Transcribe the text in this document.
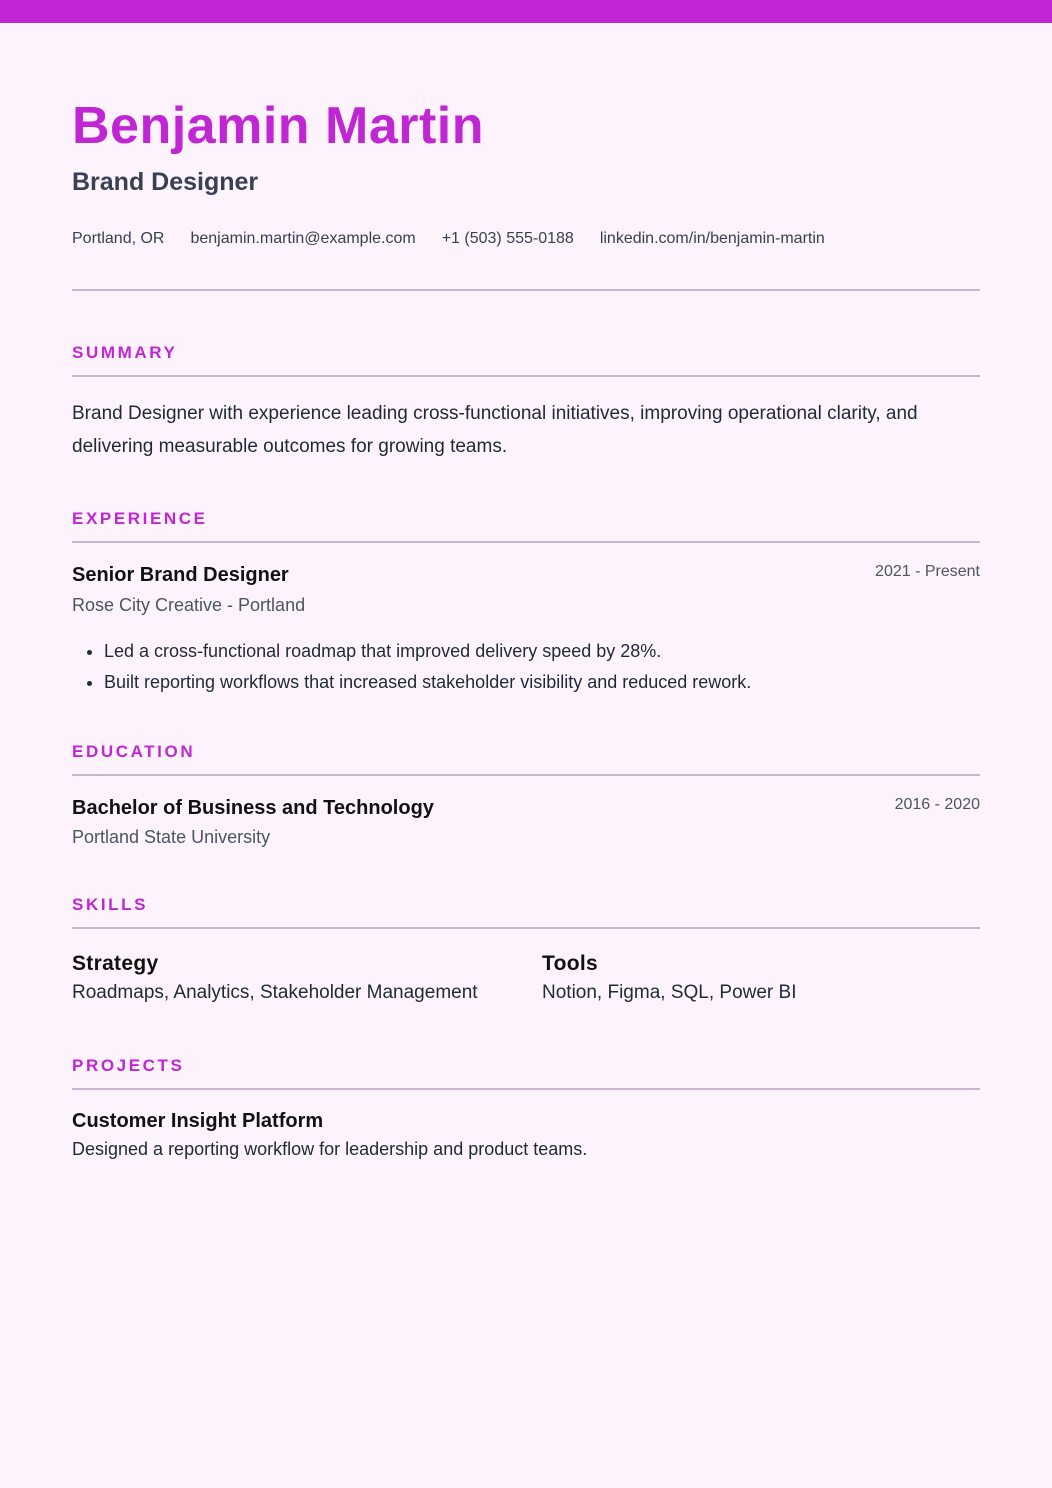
Benjamin Martin
Brand Designer
Portland, OR benjamin.martin@example.com +1 (503) 555-0188 linkedin.com/in/benjamin-martin
SUMMARY

Brand Designer with experience leading cross-functional initiatives, improving operational clarity, and delivering measurable outcomes for growing teams.

EXPERIENCE
Senior Brand Designer	2021 - Present
Rose City Creative - Portland
• Led a cross-functional roadmap that improved delivery speed by 28%.
• Built reporting workflows that increased stakeholder visibility and reduced rework.
EDUCATION
Bachelor of Business and Technology	2016 - 2020
Portland State University
SKILLS
Strategy
Roadmaps, Analytics, Stakeholder Management
Tools
Notion, Figma, SQL, Power BI
PROJECTS
Customer Insight Platform
Designed a reporting workflow for leadership and product teams.
